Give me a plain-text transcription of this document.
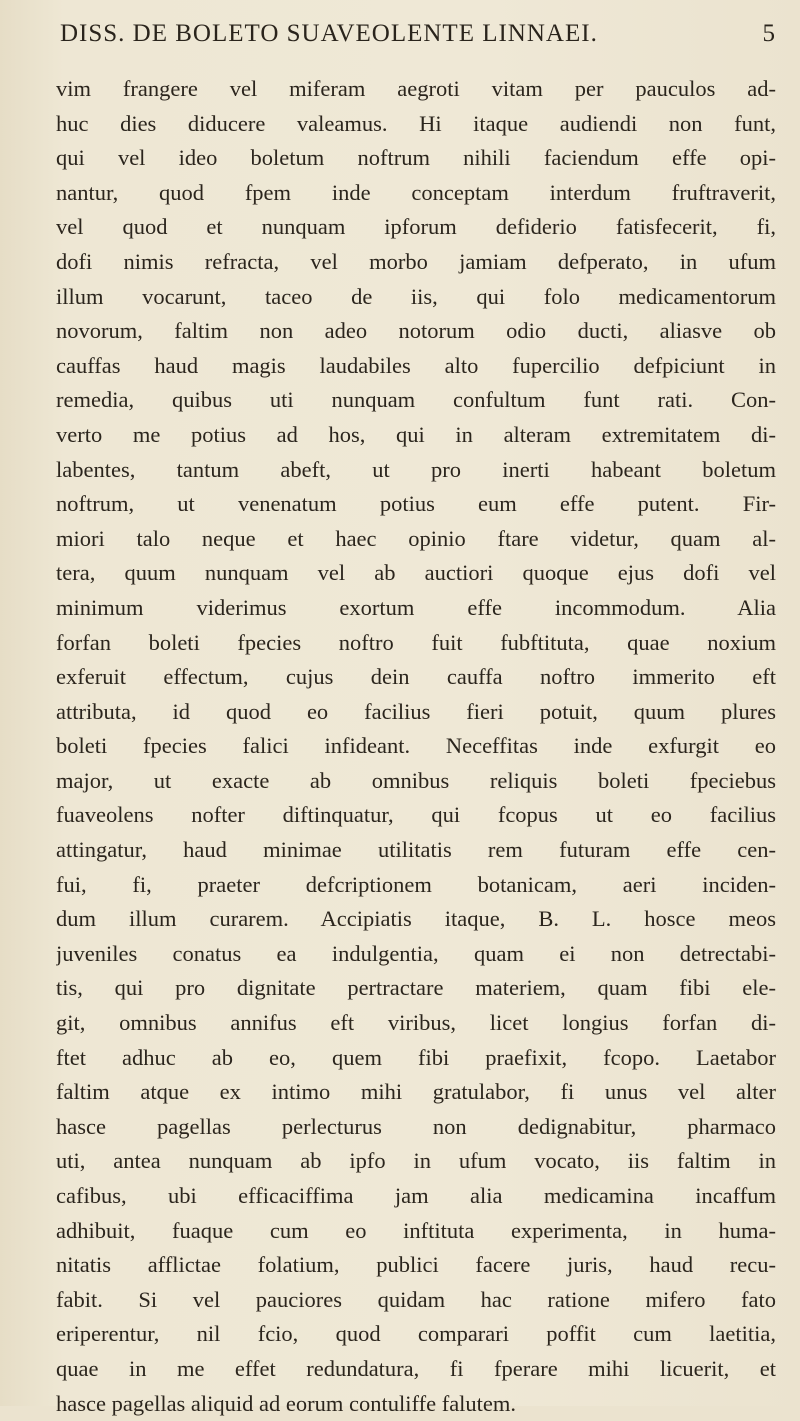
DISS. DE BOLETO SUAVEOLENTE LINNAEI.	5
vim frangere vel miferam aegroti vitam per pauculos ad-
huc dies diducere valeamus. Hi itaque audiendi non funt,
qui vel ideo boletum noftrum nihili faciendum effe opi-
nantur, quod fpem inde conceptam interdum fruftraverit,
vel quod et nunquam ipforum defiderio fatisfecerit, fi,
dofi nimis refracta, vel morbo jamiam defperato, in ufum
illum vocarunt, taceo de iis, qui folo medicamentorum
novorum, faltim non adeo notorum odio ducti, aliasve ob
cauffas haud magis laudabiles alto fupercilio defpiciunt in
remedia, quibus uti nunquam confultum funt rati. Con-
verto me potius ad hos, qui in alteram extremitatem di-
labentes, tantum abeft, ut pro inerti habeant boletum
noftrum, ut venenatum potius eum effe putent. Fir-
miori talo neque et haec opinio ftare videtur, quam al-
tera, quum nunquam vel ab auctiori quoque ejus dofi vel
minimum viderimus exortum effe incommodum. Alia
forfan boleti fpecies noftro fuit fubftituta, quae noxium
exferuit effectum, cujus dein cauffa noftro immerito eft
attributa, id quod eo facilius fieri potuit, quum plures
boleti fpecies falici infideant. Neceffitas inde exfurgit eo
major, ut exacte ab omnibus reliquis boleti fpeciebus
fuaveolens nofter diftinquatur, qui fcopus ut eo facilius
attingatur, haud minimae utilitatis rem futuram effe cen-
fui, fi, praeter defcriptionem botanicam, aeri inciden-
dum illum curarem. Accipiatis itaque, B. L. hosce meos
juveniles conatus ea indulgentia, quam ei non detrectabi-
tis, qui pro dignitate pertractare materiem, quam fibi ele-
git, omnibus annifus eft viribus, licet longius forfan di-
ftet adhuc ab eo, quem fibi praefixit, fcopo. Laetabor
faltim atque ex intimo mihi gratulabor, fi unus vel alter
hasce pagellas perlecturus non dedignabitur, pharmaco
uti, antea nunquam ab ipfo in ufum vocato, iis faltim in
cafibus, ubi efficaciffima jam alia medicamina incaffum
adhibuit, fuaque cum eo inftituta experimenta, in huma-
nitatis afflictae folatium, publici facere juris, haud recu-
fabit. Si vel pauciores quidam hac ratione mifero fato
eriperentur, nil fcio, quod comparari poffit cum laetitia,
quae in me effet redundatura, fi fperare mihi licuerit, et
hasce pagellas aliquid ad eorum contuliffe falutem.
